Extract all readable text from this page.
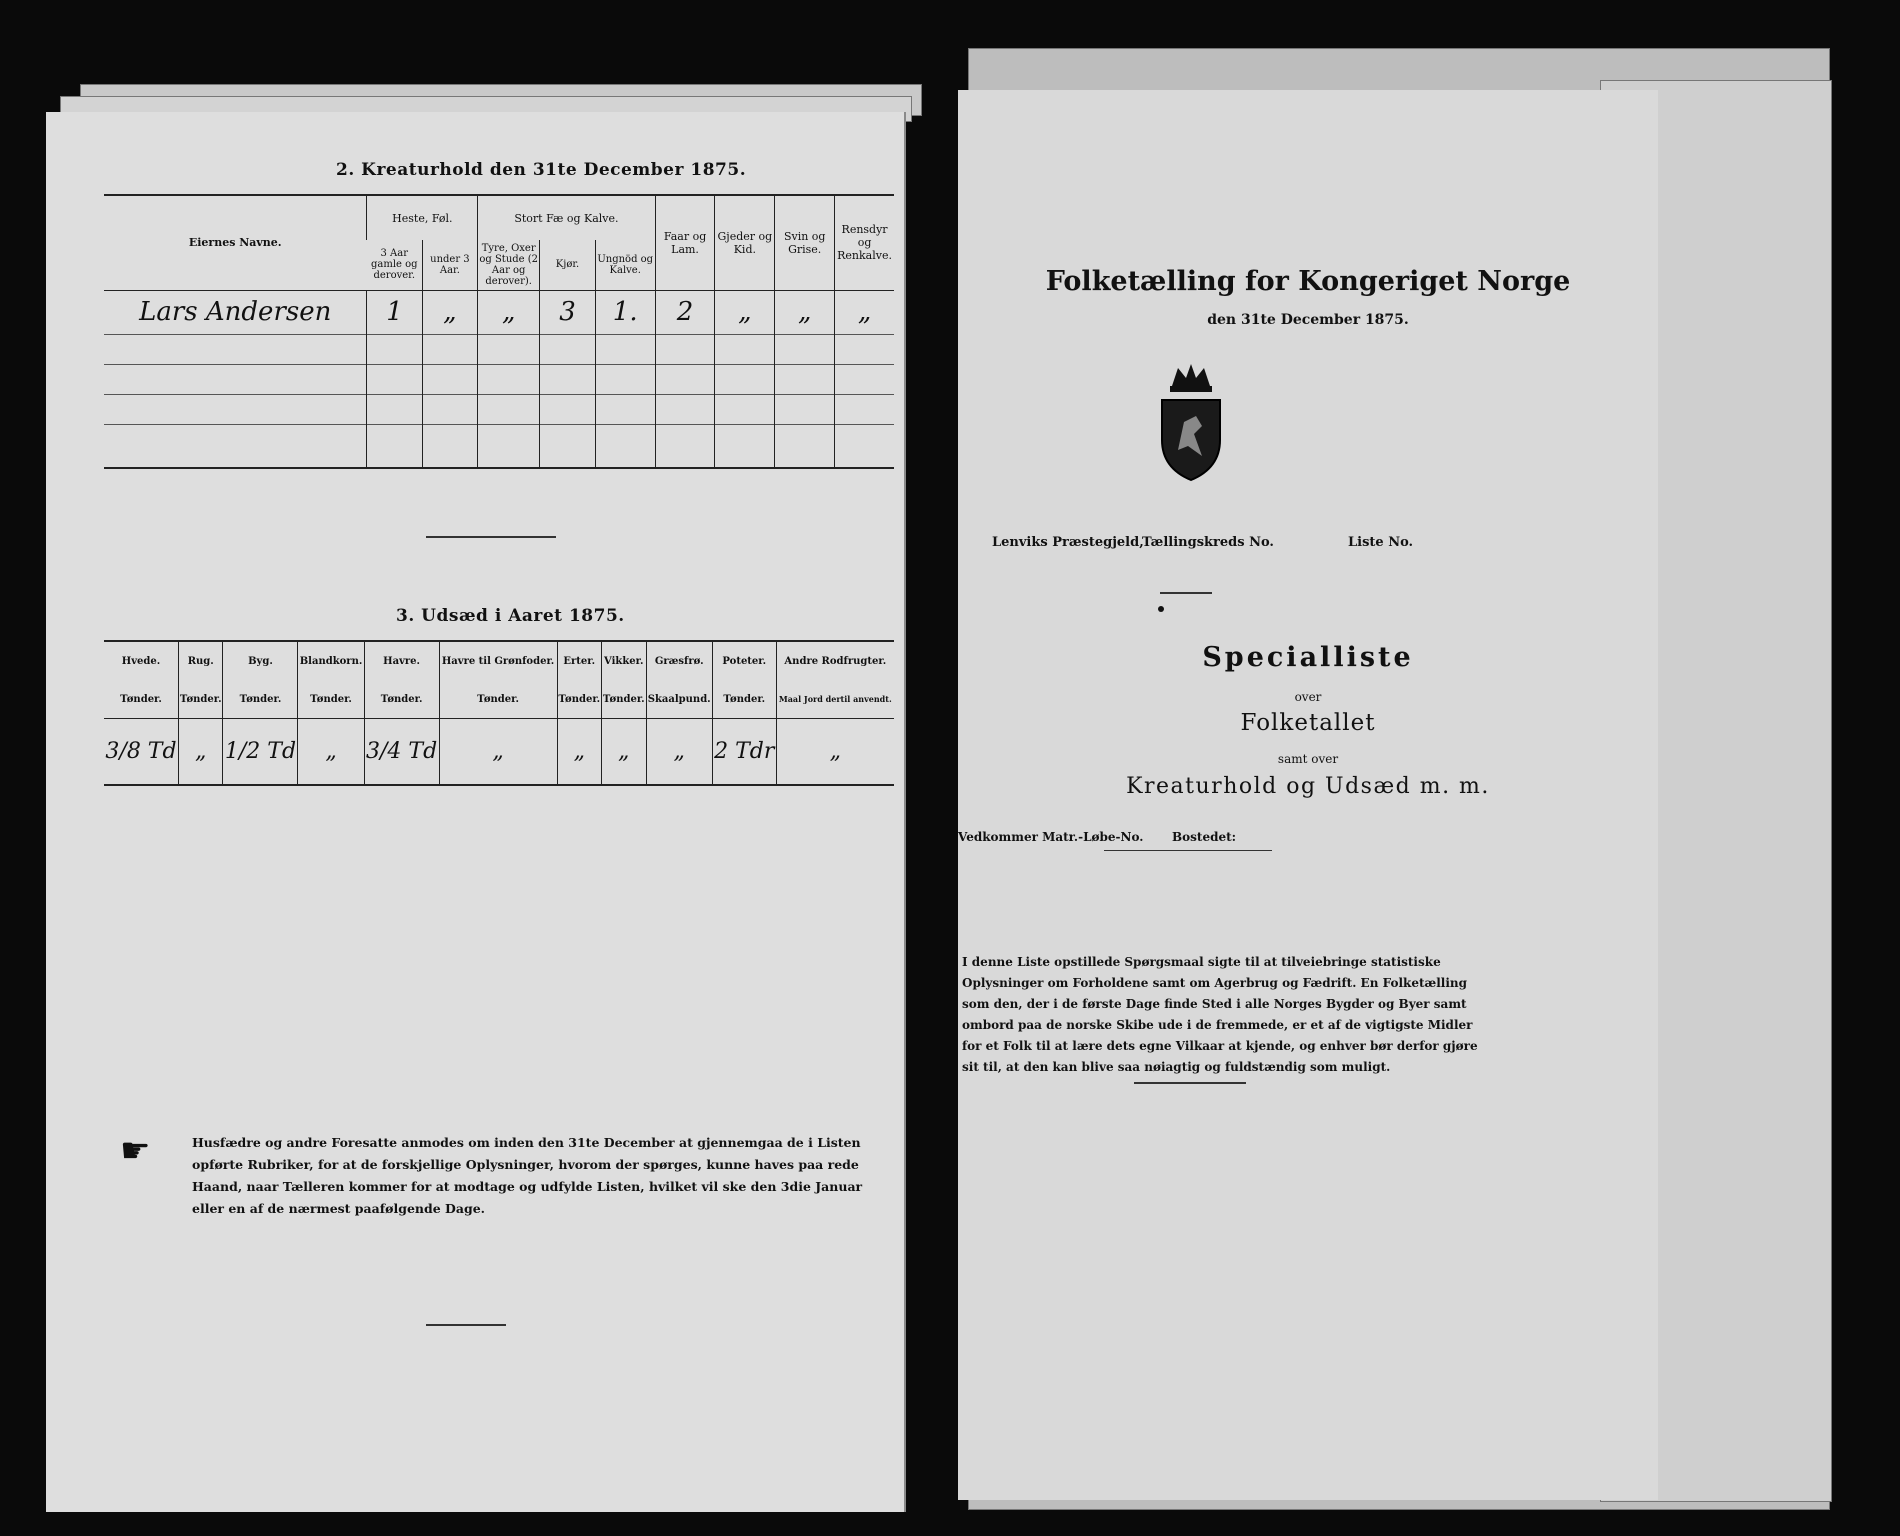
2. Kreaturhold den 31te December 1875.
Eiernes Navne.	Heste, Føl.		Stort Fæ og Kalve.			Faar og Lam.	Gjeder og Kid.	Svin og Grise.	Rensdyr og Renkalve.
	3 Aar gamle og derover.	under 3 Aar.	Tyre, Oxer og Stude (2 Aar og derover).	Kjør.	Ungnöd og Kalve.				
Lars Andersen	1	„	„	3	1.	2	„	„	„

3. Udsæd i Aaret 1875.
Hvede.	Rug.	Byg.	Blandkorn.	Havre.	Havre til Grønfoder.	Erter.	Vikker.	Græsfrø.	Poteter.	Andre Rodfrugter.
Tønder.	Tønder.	Tønder.	Tønder.	Tønder.	Tønder.	Tønder.	Tønder.	Skaalpund.	Tønder.	Maal Jord dertil anvendt.
3/8 Td	„	1/2 Td	„	3/4 Td	„	„	„	„	2 Tdr	„
☛	Husfædre og andre Foresatte anmodes om inden den 31te December at gjennemgaa de i Listen opførte Rubriker, for at de forskjellige Oplysninger, hvorom der spørges, kunne haves paa rede Haand, naar Tælleren kommer for at modtage og udfylde Listen, hvilket vil ske den 3die Januar eller en af de nærmest paafølgende Dage.
Folketælling for Kongeriget Norge
den 31te December 1875.
Lenviks Præstegjeld,
Tællingskreds No.	Liste No.
Specialliste
over
Folketallet
samt over
Kreaturhold og Udsæd m. m.
Vedkommer Matr.-Løbe-No. Bostedet:
I denne Liste opstillede Spørgsmaal sigte til at tilveiebringe statistiske Oplysninger om Forholdene samt om Agerbrug og Fædrift. En Folketælling som den, der i de første Dage finde Sted i alle Norges Bygder og Byer samt ombord paa de norske Skibe ude i de fremmede, er et af de vigtigste Midler for et Folk til at lære dets egne Vilkaar at kjende, og enhver bør derfor gjøre sit til, at den kan blive saa nøiagtig og fuldstændig som muligt.
